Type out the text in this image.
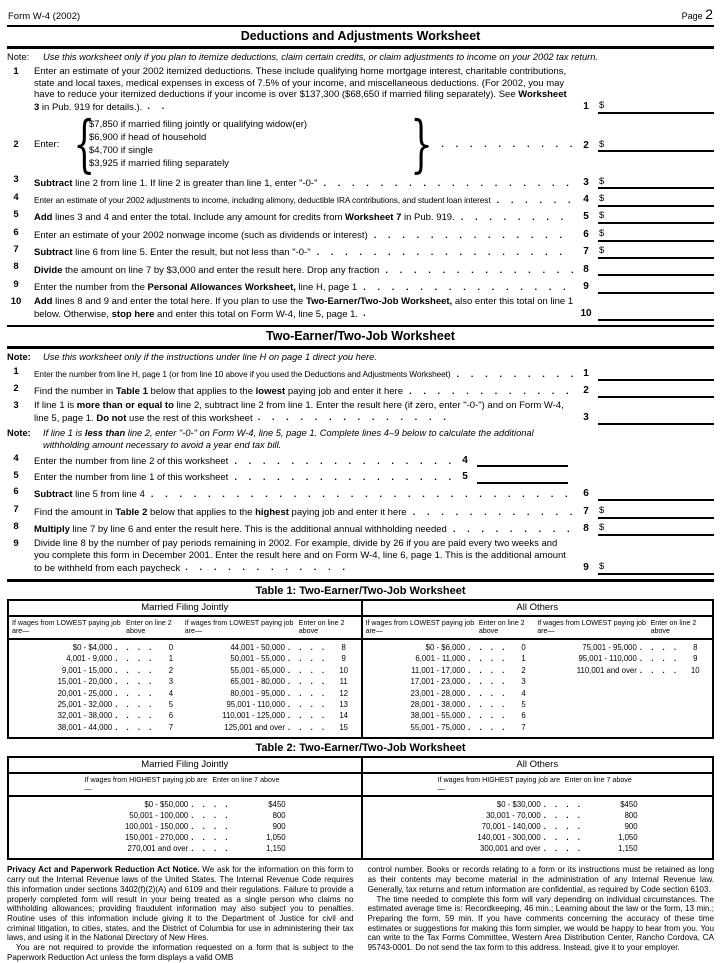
Form W-4 (2002)	Page 2
Deductions and Adjustments Worksheet
Note:	Use this worksheet only if you plan to itemize deductions, claim certain credits, or claim adjustments to income on your 2002 tax return.
1	Enter an estimate of your 2002 itemized deductions. These include qualifying home mortgage interest, charitable contributions, state and local taxes, medical expenses in excess of 7.5% of your income, and miscellaneous deductions. (For 2002, you may have to reduce your itemized deductions if your income is over $137,300 ($68,650 if married filing separately). See Worksheet 3 in Pub. 919 for details.). . . .	1	$
2	Enter: {
$7,850 if married filing jointly or qualifying widow(er)
$6,900 if head of household
$4,700 if single
$3,925 if married filing separately	} . . .	2	$
3	Subtract line 2 from line 1. If line 2 is greater than line 1, enter "-0-" . . .	3	$
4	Enter an estimate of your 2002 adjustments to income, including alimony, deductible IRA contributions, and student loan interest . . .	4	$
5	Add lines 3 and 4 and enter the total. Include any amount for credits from Worksheet 7 in Pub. 919. . . .	5	$
6	Enter an estimate of your 2002 nonwage income (such as dividends or interest) . . .	6	$
7	Subtract line 6 from line 5. Enter the result, but not less than "-0-" . . .	7	$
8	Divide the amount on line 7 by $3,000 and enter the result here. Drop any fraction . . .	8
9	Enter the number from the Personal Allowances Worksheet, line H, page 1 . . .	9
10	Add lines 8 and 9 and enter the total here. If you plan to use the Two-Earner/Two-Job Worksheet, also enter this total on line 1 below. Otherwise, stop here and enter this total on Form W-4, line 5, page 1. . . .	10
Two-Earner/Two-Job Worksheet
Note:	Use this worksheet only if the instructions under line H on page 1 direct you here.
1	Enter the number from line H, page 1 (or from line 10 above if you used the Deductions and Adjustments Worksheet) . . .	1
2	Find the number in Table 1 below that applies to the lowest paying job and enter it here . . .	2
3	If line 1 is more than or equal to line 2, subtract line 2 from line 1. Enter the result here (if zero, enter "-0-") and on Form W-4, line 5, page 1. Do not use the rest of this worksheet . . .	3
Note:	If line 1 is less than line 2, enter "-0-" on Form W-4, line 5, page 1. Complete lines 4–9 below to calculate the additional withholding amount necessary to avoid a year end tax bill.
4	Enter the number from line 2 of this worksheet . . .	4
5	Enter the number from line 1 of this worksheet . . .	5
6	Subtract line 5 from line 4 . . .	6
7	Find the amount in Table 2 below that applies to the highest paying job and enter it here . . .	7	$
8	Multiply line 7 by line 6 and enter the result here. This is the additional annual withholding needed . . .	8	$
9	Divide line 8 by the number of pay periods remaining in 2002. For example, divide by 26 if you are paid every two weeks and you complete this form in December 2001. Enter the result here and on Form W-4, line 6, page 1. This is the additional amount to be withheld from each paycheck . . .	9	$
Table 1: Two-Earner/Two-Job Worksheet
Married Filing Jointly
If wages from LOWEST paying job are—
Enter on line 2 above
If wages from LOWEST paying job are—
Enter on line 2 above
$0 - $4,000 . . .	0
4,001 - 9,000 . . .	1
9,001 - 15,000 . . .	2
15,001 - 20,000 . . .	3
20,001 - 25,000 . . .	4
25,001 - 32,000 . . .	5
32,001 - 38,000 . . .	6
38,001 - 44,000 . . .	7
44,001 - 50,000 . . .	8
50,001 - 55,000 . . .	9
55,001 - 65,000 . . .	10
65,001 - 80,000 . . .	11
80,001 - 95,000 . . .	12
95,001 - 110,000 . . .	13
110,001 - 125,000 . . .	14
125,001 and over . . .	15
All Others
If wages from LOWEST paying job are—
Enter on line 2 above
If wages from LOWEST paying job are—
Enter on line 2 above
$0 - $6,000 . . .	0
6,001 - 11,000 . . .	1
11,001 - 17,000 . . .	2
17,001 - 23,000 . . .	3
23,001 - 28,000 . . .	4
28,001 - 38,000 . . .	5
38,001 - 55,000 . . .	6
55,001 - 75,000 . . .	7
75,001 - 95,000 . . .	8
95,001 - 110,000 . . .	9
110,001 and over . . .	10
Table 2: Two-Earner/Two-Job Worksheet
Married Filing Jointly
If wages from HIGHEST paying job are—
Enter on line 7 above
$0 - $50,000 . . .	$450
50,001 - 100,000 . . .	800
100,001 - 150,000 . . .	900
150,001 - 270,000 . . .	1,050
270,001 and over . . .	1,150
All Others
If wages from HIGHEST paying job are—
Enter on line 7 above
$0 - $30,000 . . .	$450
30,001 - 70,000 . . .	800
70,001 - 140,000 . . .	900
140,001 - 300,000 . . .	1,050
300,001 and over . . .	1,150

Privacy Act and Paperwork Reduction Act Notice. We ask for the information on this form to carry out the Internal Revenue laws of the United States. The Internal Revenue Code requires this information under sections 3402(f)(2)(A) and 6109 and their regulations. Failure to provide a properly completed form will result in your being treated as a single person who claims no withholding allowances; providing fraudulent information may also subject you to penalties. Routine uses of this information include giving it to the Department of Justice for civil and criminal litigation, to cities, states, and the District of Columbia for use in administering their tax laws, and using it in the National Directory of New Hires.

You are not required to provide the information requested on a form that is subject to the Paperwork Reduction Act unless the form displays a valid OMB

control number. Books or records relating to a form or its instructions must be retained as long as their contents may become material in the administration of any Internal Revenue law. Generally, tax returns and return information are confidential, as required by Code section 6103.

The time needed to complete this form will vary depending on individual circumstances. The estimated average time is: Recordkeeping, 46 min.; Learning about the law or the form, 13 min.; Preparing the form, 59 min. If you have comments concerning the accuracy of these time estimates or suggestions for making this form simpler, we would be happy to hear from you. You can write to the Tax Forms Committee, Western Area Distribution Center, Rancho Cordova, CA 95743-0001. Do not send the tax form to this address. Instead, give it to your employer.
